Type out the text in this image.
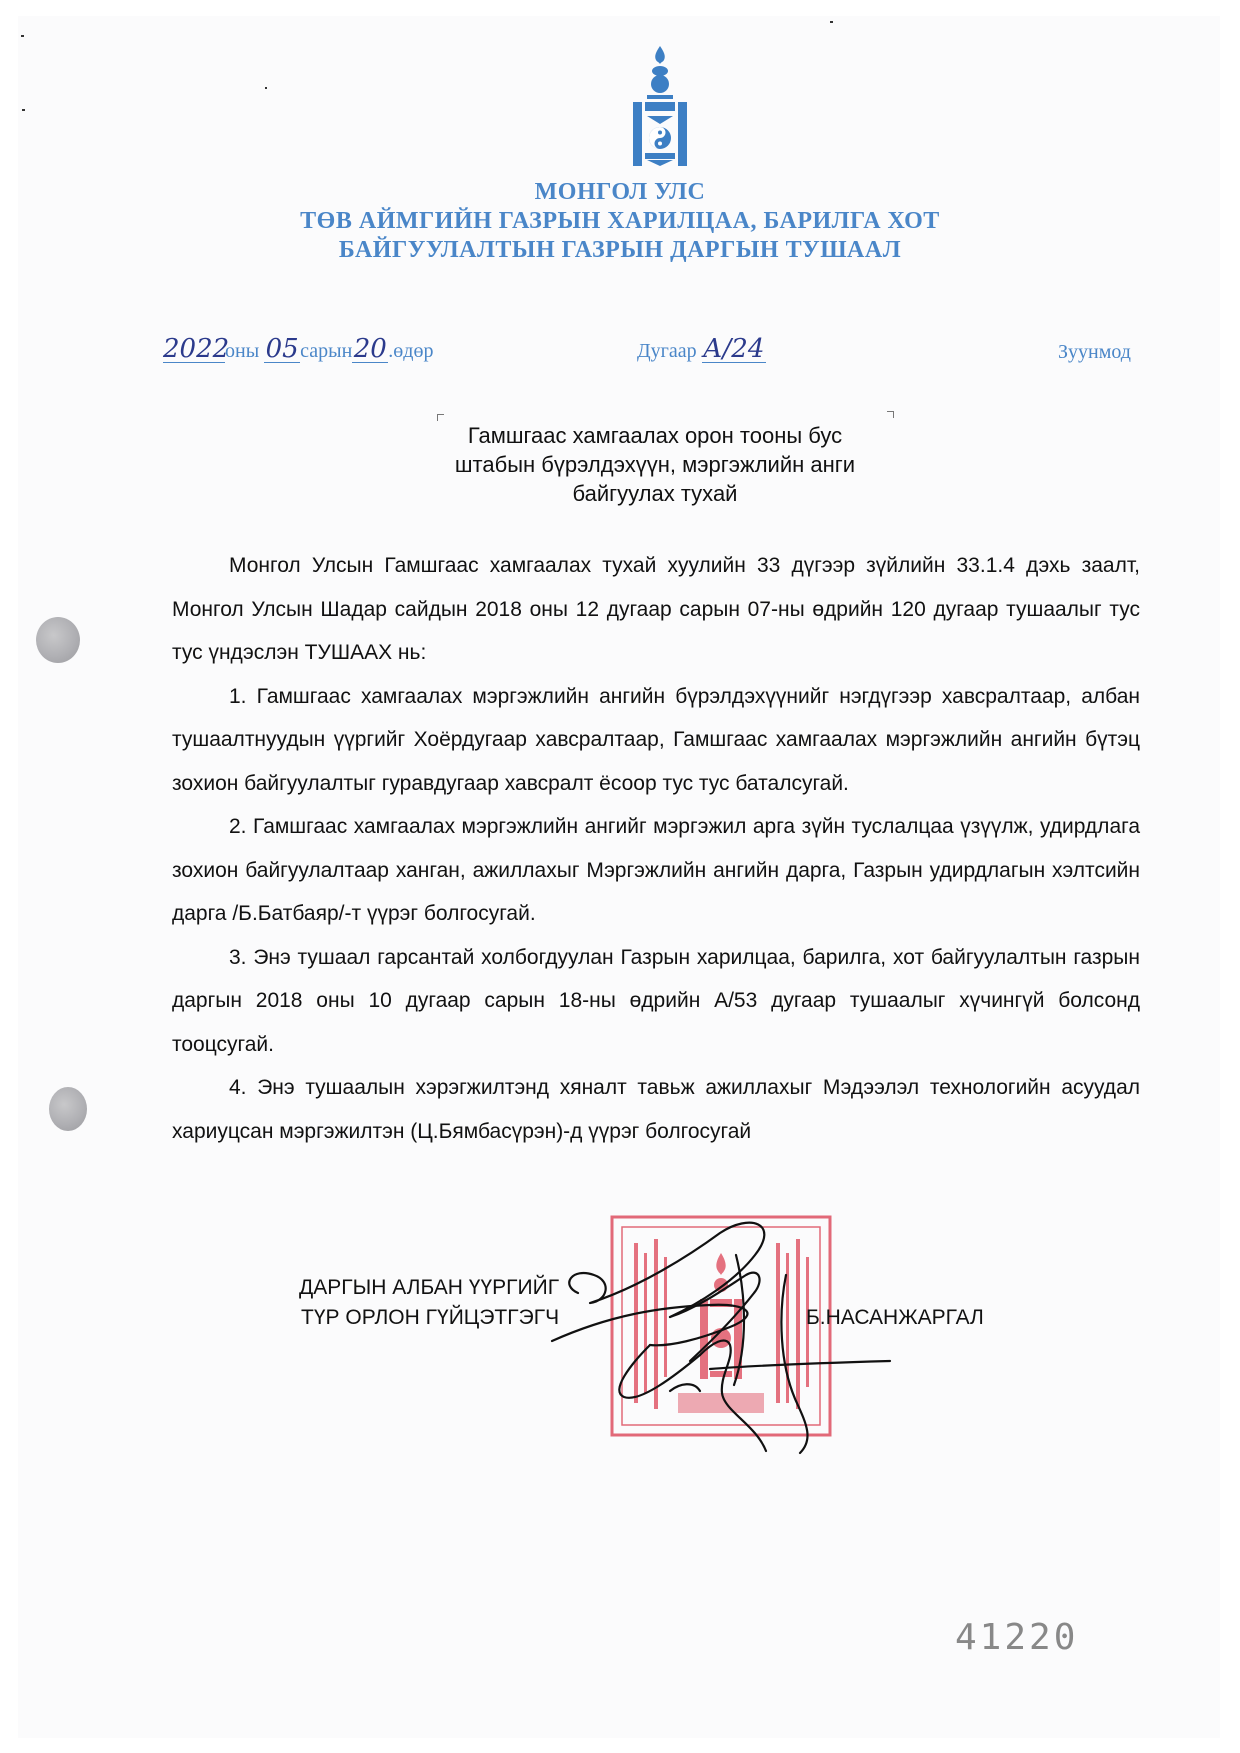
МОНГОЛ УЛС
ТӨВ АЙМГИЙН ГАЗРЫН ХАРИЛЦАА, БАРИЛГА ХОТ
БАЙГУУЛАЛТЫН ГАЗРЫН ДАРГЫН ТУШААЛ
2022оны 05сарын20.өдөр	Дугаар А/24	Зуунмод
Гамшгаас хамгаалах орон тооны бус
штабын бүрэлдэхүүн, мэргэжлийн анги
байгуулах тухай

Монгол Улсын Гамшгаас хамгаалах тухай хуулийн 33 дүгээр зүйлийн 33.1.4 дэхь заалт, Монгол Улсын Шадар сайдын 2018 оны 12 дугаар сарын 07-ны өдрийн 120 дугаар тушаалыг тус тус үндэслэн ТУШААХ нь:

1. Гамшгаас хамгаалах мэргэжлийн ангийн бүрэлдэхүүнийг нэгдүгээр хавсралтаар, албан тушаалтнуудын үүргийг Хоёрдугаар хавсралтаар, Гамшгаас хамгаалах мэргэжлийн ангийн бүтэц зохион байгуулалтыг гуравдугаар хавсралт ёсоор тус тус баталсугай.

2. Гамшгаас хамгаалах мэргэжлийн ангийг мэргэжил арга зүйн туслалцаа үзүүлж, удирдлага зохион байгуулалтаар ханган, ажиллахыг Мэргэжлийн ангийн дарга, Газрын удирдлагын хэлтсийн дарга /Б.Батбаяр/-т үүрэг болгосугай.

3. Энэ тушаал гарсантай холбогдуулан Газрын харилцаа, барилга, хот байгуулалтын газрын даргын 2018 оны 10 дугаар сарын 18-ны өдрийн А/53 дугаар тушаалыг хүчингүй болсонд тооцсугай.

4. Энэ тушаалын хэрэгжилтэнд хяналт тавьж ажиллахыг Мэдээлэл технологийн асуудал хариуцсан мэргэжилтэн (Ц.Бямбасүрэн)-д үүрэг болгосугай

ДАРГЫН АЛБАН ҮҮРГИЙГ
ТҮР ОРЛОН ГҮЙЦЭТГЭГЧ	Б.НАСАНЖАРГАЛ
41220
